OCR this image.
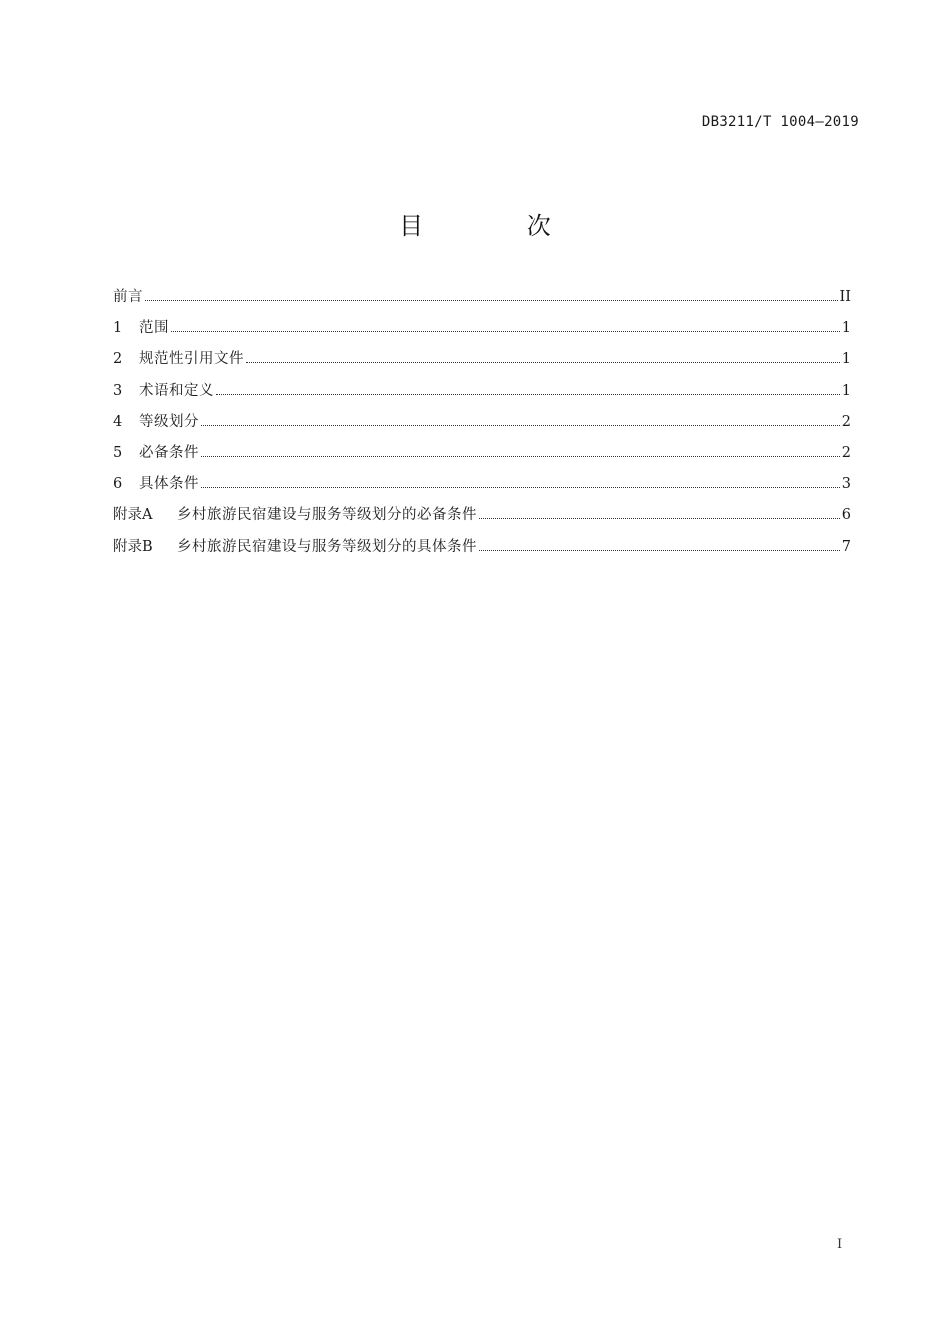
DB3211/T 1004—2019
目 次
前言	II
1	范围	1
2	规范性引用文件	1
3	术语和定义	1
4	等级划分	2
5	必备条件	2
6	具体条件	3
附录A	乡村旅游民宿建设与服务等级划分的必备条件	6
附录B	乡村旅游民宿建设与服务等级划分的具体条件	7
I
